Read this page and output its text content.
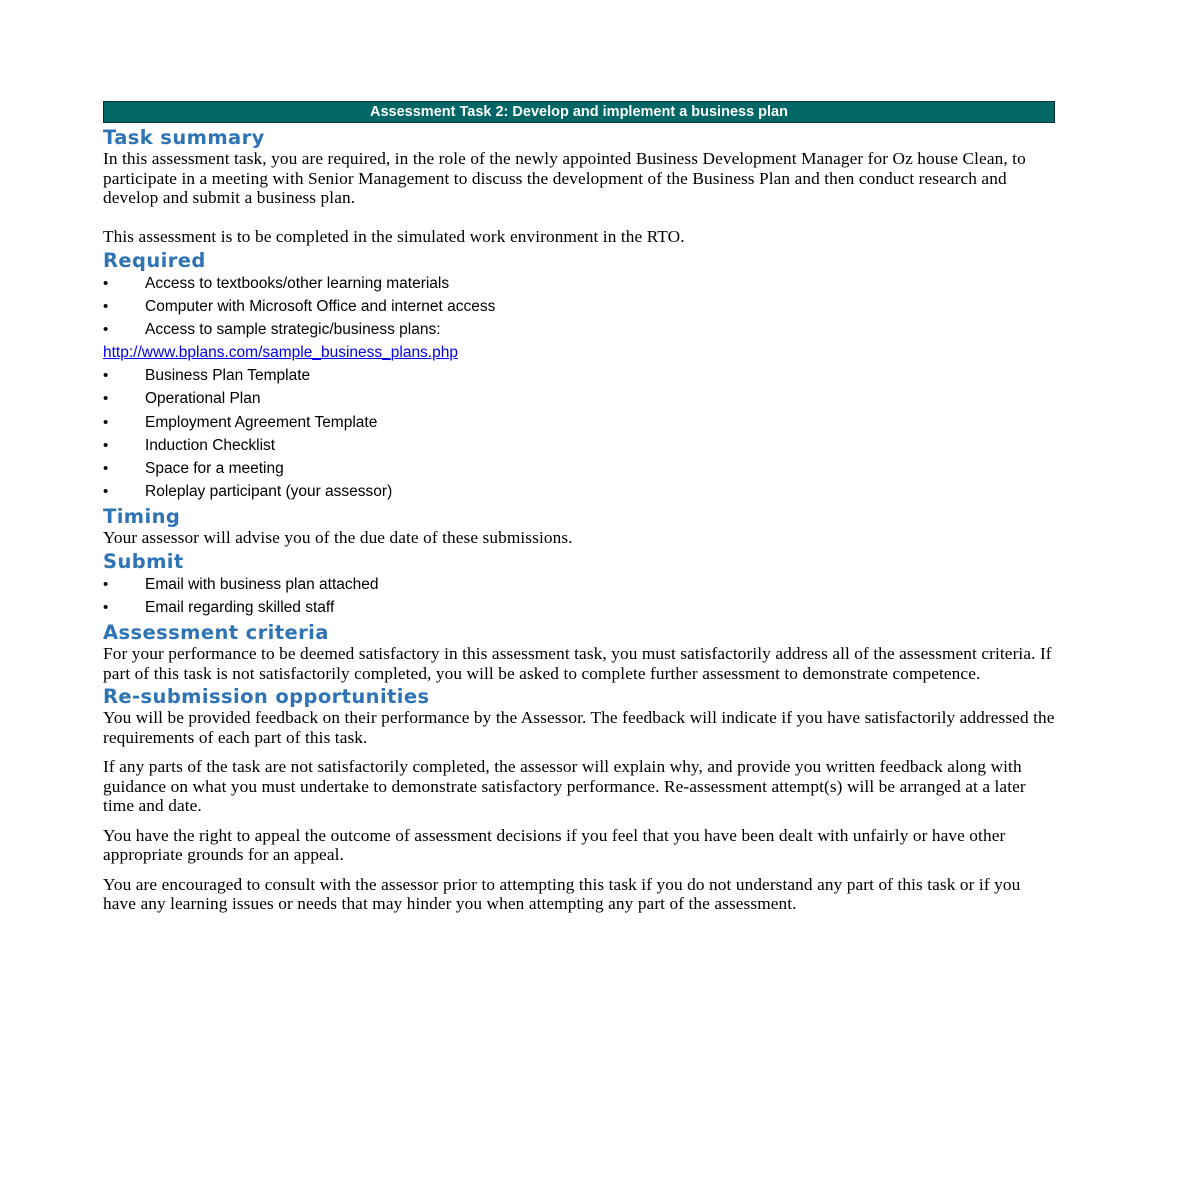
Assessment Task 2: Develop and implement a business plan
Task summary

In this assessment task, you are required, in the role of the newly appointed Business Development Manager for Oz house Clean, to participate in a meeting with Senior Management to discuss the development of the Business Plan and then conduct research and develop and submit a business plan.

This assessment is to be completed in the simulated work environment in the RTO.

Required
• Access to textbooks/other learning materials
• Computer with Microsoft Office and internet access
• Access to sample strategic/business plans:
http://www.bplans.com/sample_business_plans.php
• Business Plan Template
• Operational Plan
• Employment Agreement Template
• Induction Checklist
• Space for a meeting
• Roleplay participant (your assessor)
Timing

Your assessor will advise you of the due date of these submissions.

Submit
• Email with business plan attached
• Email regarding skilled staff
Assessment criteria

For your performance to be deemed satisfactory in this assessment task, you must satisfactorily address all of the assessment criteria. If part of this task is not satisfactorily completed, you will be asked to complete further assessment to demonstrate competence.

Re-submission opportunities

You will be provided feedback on their performance by the Assessor. The feedback will indicate if you have satisfactorily addressed the requirements of each part of this task.

If any parts of the task are not satisfactorily completed, the assessor will explain why, and provide you written feedback along with guidance on what you must undertake to demonstrate satisfactory performance. Re-assessment attempt(s) will be arranged at a later time and date.

You have the right to appeal the outcome of assessment decisions if you feel that you have been dealt with unfairly or have other appropriate grounds for an appeal.

You are encouraged to consult with the assessor prior to attempting this task if you do not understand any part of this task or if you have any learning issues or needs that may hinder you when attempting any part of the assessment.
